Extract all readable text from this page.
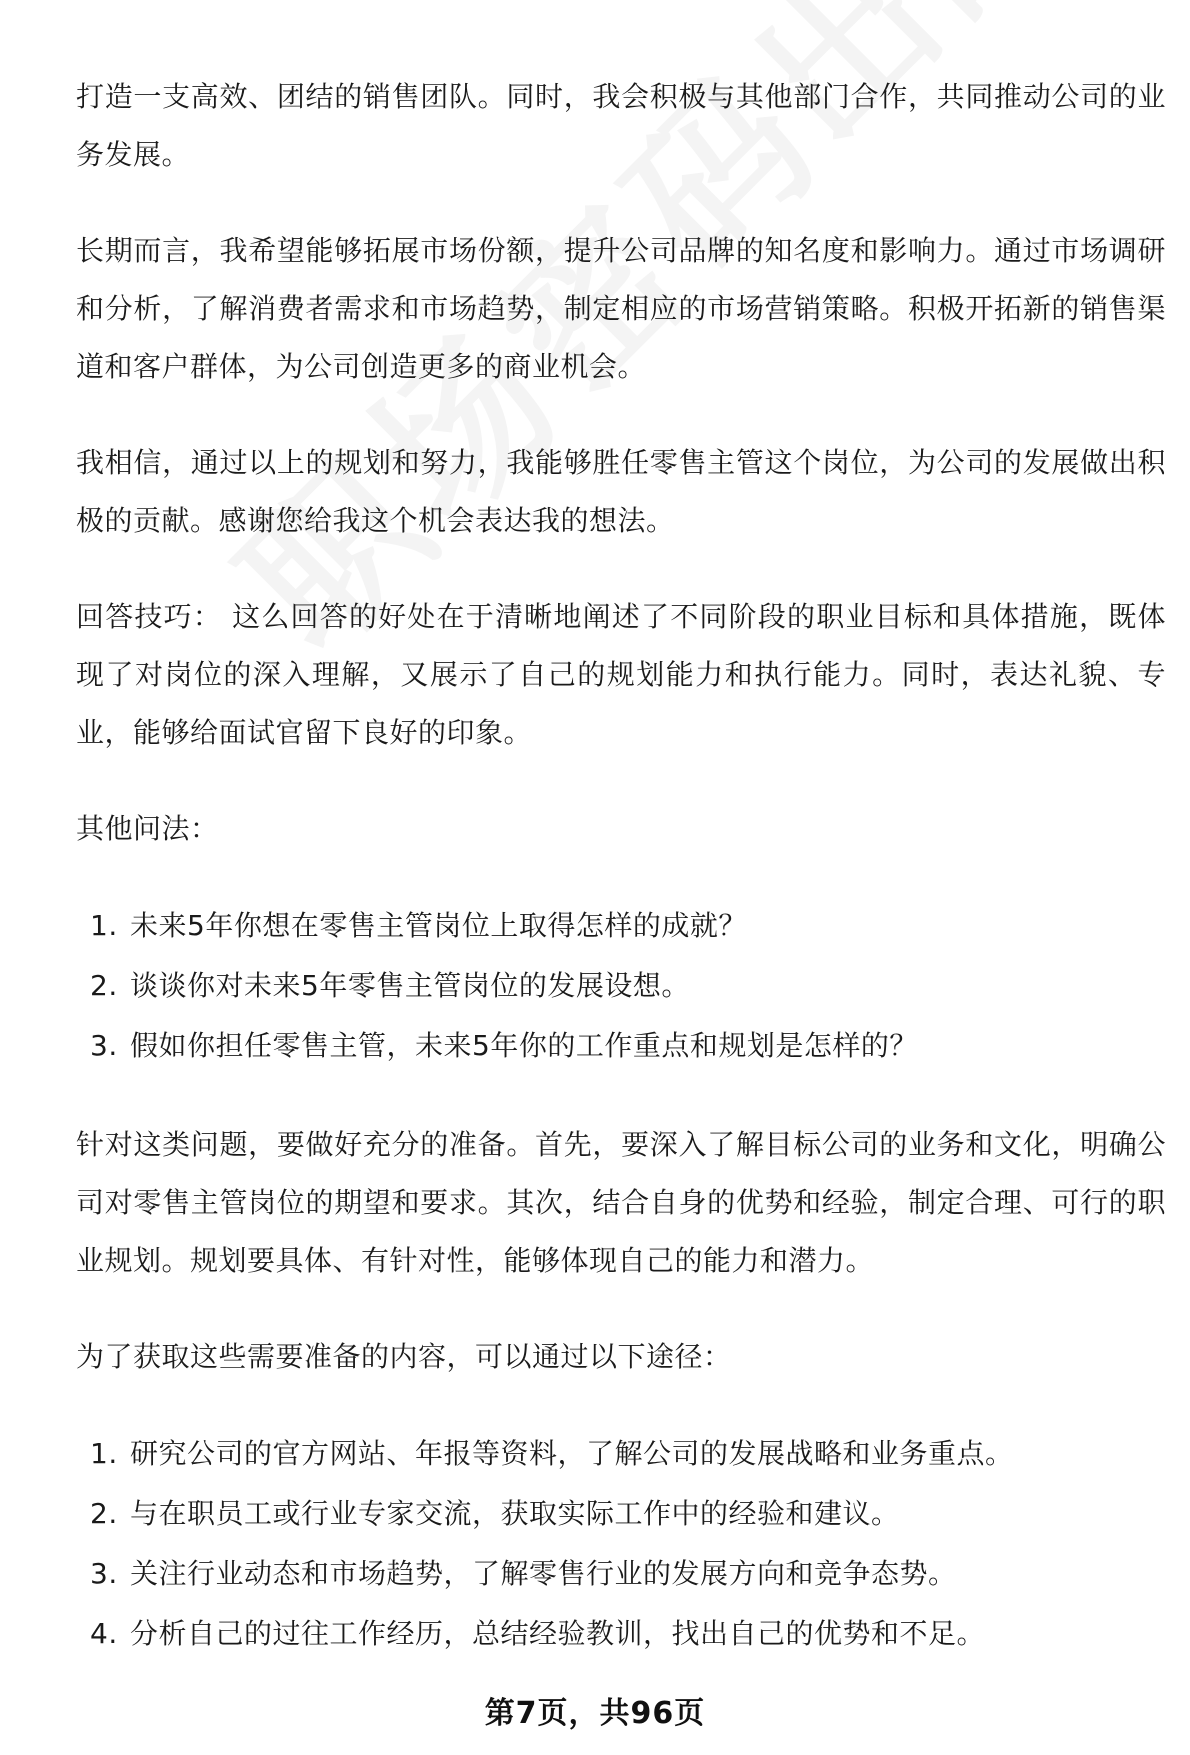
打造一支高效、团结的销售团队。同时，我会积极与其他部门合作，共同推动公司的业务发展。

长期而言，我希望能够拓展市场份额，提升公司品牌的知名度和影响力。通过市场调研和分析，了解消费者需求和市场趋势，制定相应的市场营销策略。积极开拓新的销售渠道和客户群体，为公司创造更多的商业机会。

我相信，通过以上的规划和努力，我能够胜任零售主管这个岗位，为公司的发展做出积极的贡献。感谢您给我这个机会表达我的想法。

回答技巧： 这么回答的好处在于清晰地阐述了不同阶段的职业目标和具体措施，既体现了对岗位的深入理解，又展示了自己的规划能力和执行能力。同时，表达礼貌、专业，能够给面试官留下良好的印象。

其他问法：

1. 未来5年你想在零售主管岗位上取得怎样的成就？
2. 谈谈你对未来5年零售主管岗位的发展设想。
3. 假如你担任零售主管，未来5年你的工作重点和规划是怎样的？

针对这类问题，要做好充分的准备。首先，要深入了解目标公司的业务和文化，明确公司对零售主管岗位的期望和要求。其次，结合自身的优势和经验，制定合理、可行的职业规划。规划要具体、有针对性，能够体现自己的能力和潜力。

为了获取这些需要准备的内容，可以通过以下途径：

1. 研究公司的官方网站、年报等资料，了解公司的发展战略和业务重点。
2. 与在职员工或行业专家交流，获取实际工作中的经验和建议。
3. 关注行业动态和市场趋势，了解零售行业的发展方向和竞争态势。
4. 分析自己的过往工作经历，总结经验教训，找出自己的优势和不足。
第7页，共96页
